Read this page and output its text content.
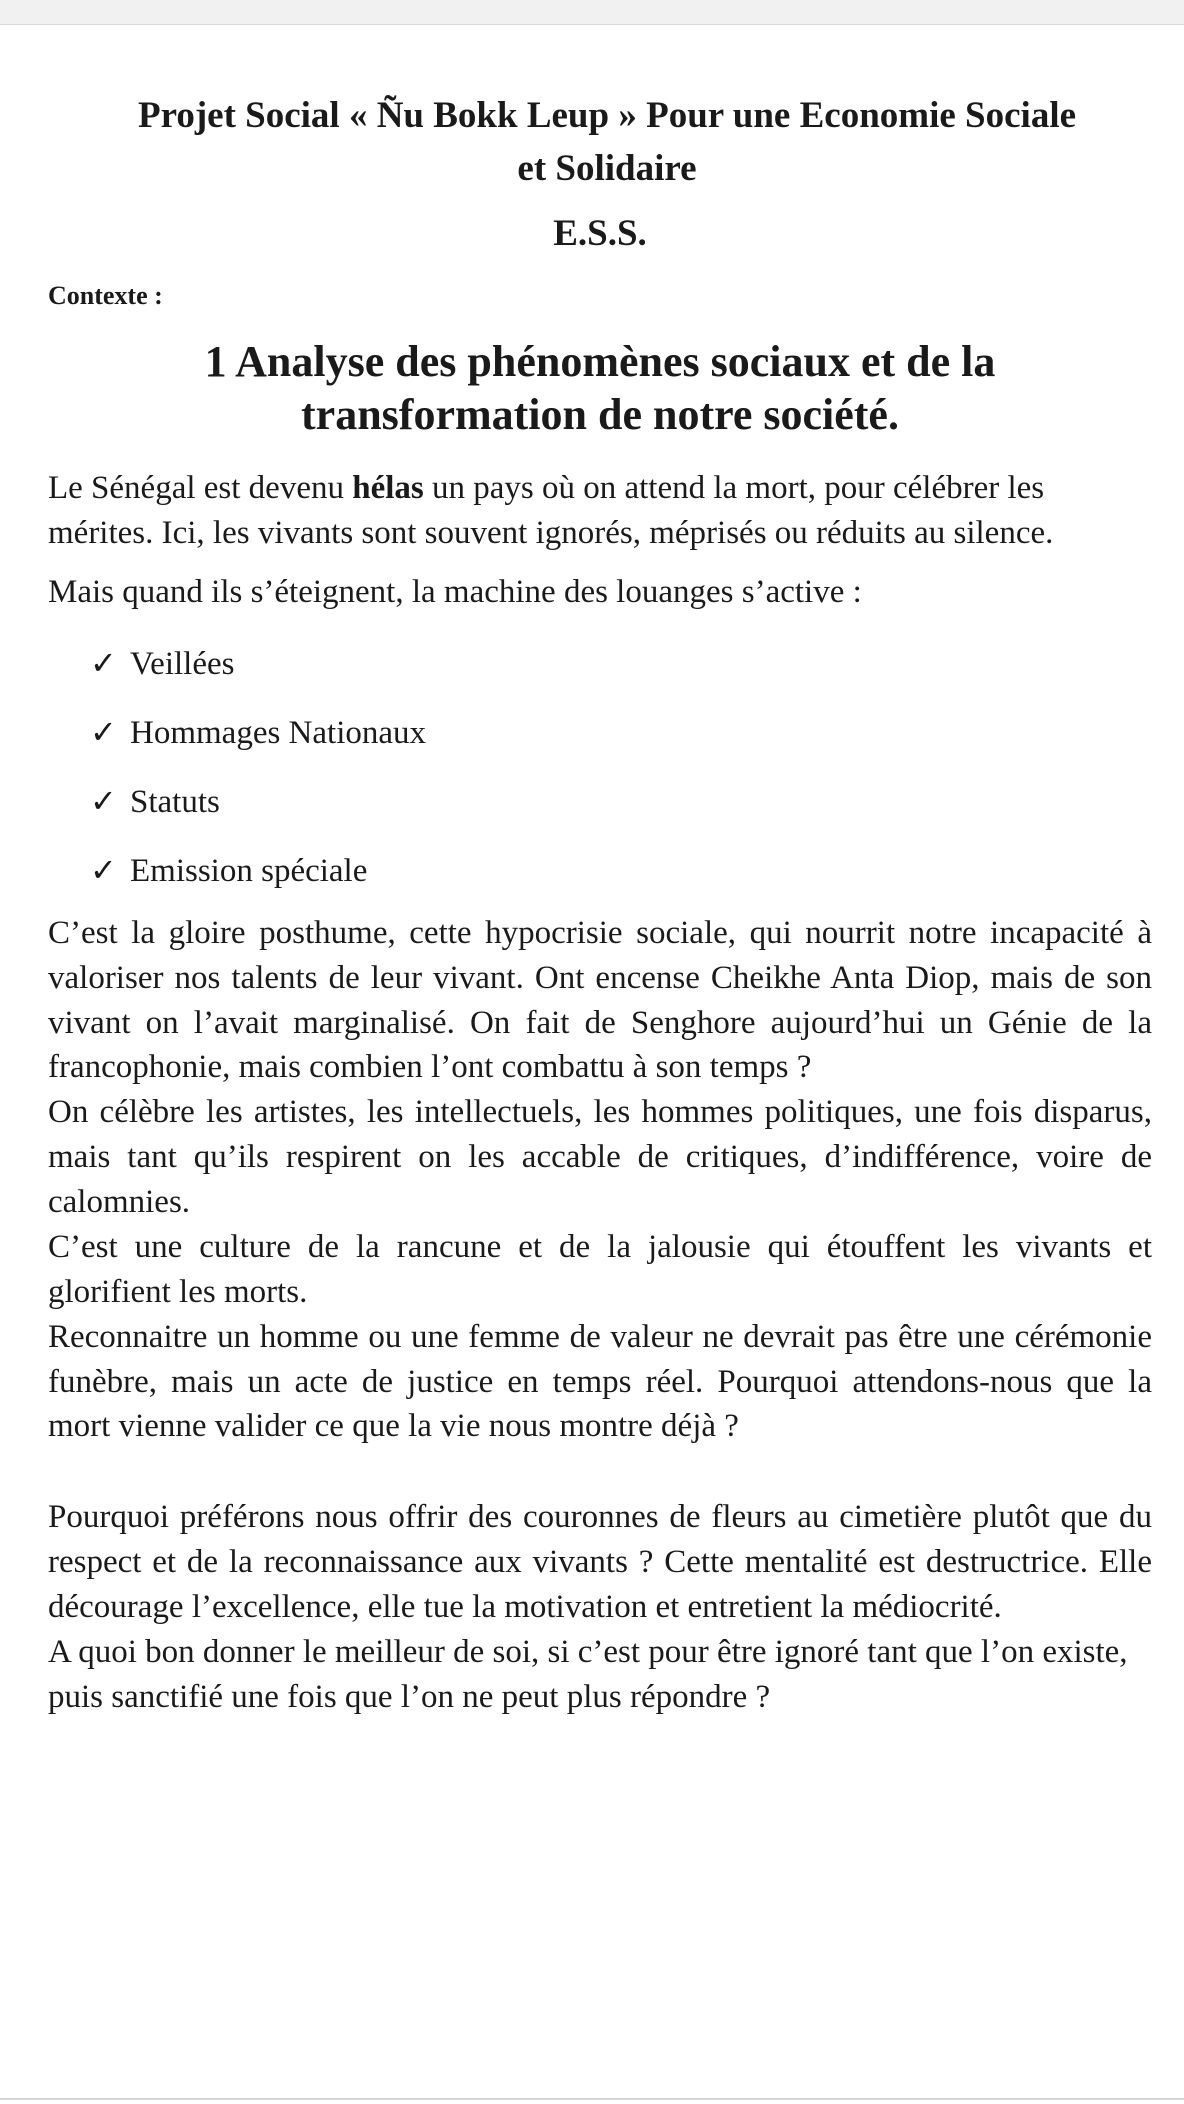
Projet Social « Ñu Bokk Leup » Pour une Economie Sociale
et Solidaire
E.S.S.
Contexte :
1 Analyse des phénomènes sociaux et de la transformation de notre société.

Le Sénégal est devenu hélas un pays où on attend la mort, pour célébrer les mérites. Ici, les vivants sont souvent ignorés, méprisés ou réduits au silence.

Mais quand ils s’éteignent, la machine des louanges s’active :

✓ Veillées
✓ Hommages Nationaux
✓ Statuts
✓ Emission spéciale

C’est la gloire posthume, cette hypocrisie sociale, qui nourrit notre incapacité à valoriser nos talents de leur vivant. Ont encense Cheikhe Anta Diop, mais de son vivant on l’avait marginalisé. On fait de Senghore aujourd’hui un Génie de la francophonie, mais combien l’ont combattu à son temps ?

On célèbre les artistes, les intellectuels, les hommes politiques, une fois disparus, mais tant qu’ils respirent on les accable de critiques, d’indifférence, voire de calomnies.

C’est une culture de la rancune et de la jalousie qui étouffent les vivants et glorifient les morts.

Reconnaitre un homme ou une femme de valeur ne devrait pas être une cérémonie funèbre, mais un acte de justice en temps réel. Pourquoi attendons-nous que la mort vienne valider ce que la vie nous montre déjà ?

Pourquoi préférons nous offrir des couronnes de fleurs au cimetière plutôt que du respect et de la reconnaissance aux vivants ? Cette mentalité est destructrice. Elle décourage l’excellence, elle tue la motivation et entretient la médiocrité.

A quoi bon donner le meilleur de soi, si c’est pour être ignoré tant que l’on existe, puis sanctifié une fois que l’on ne peut plus répondre ?
